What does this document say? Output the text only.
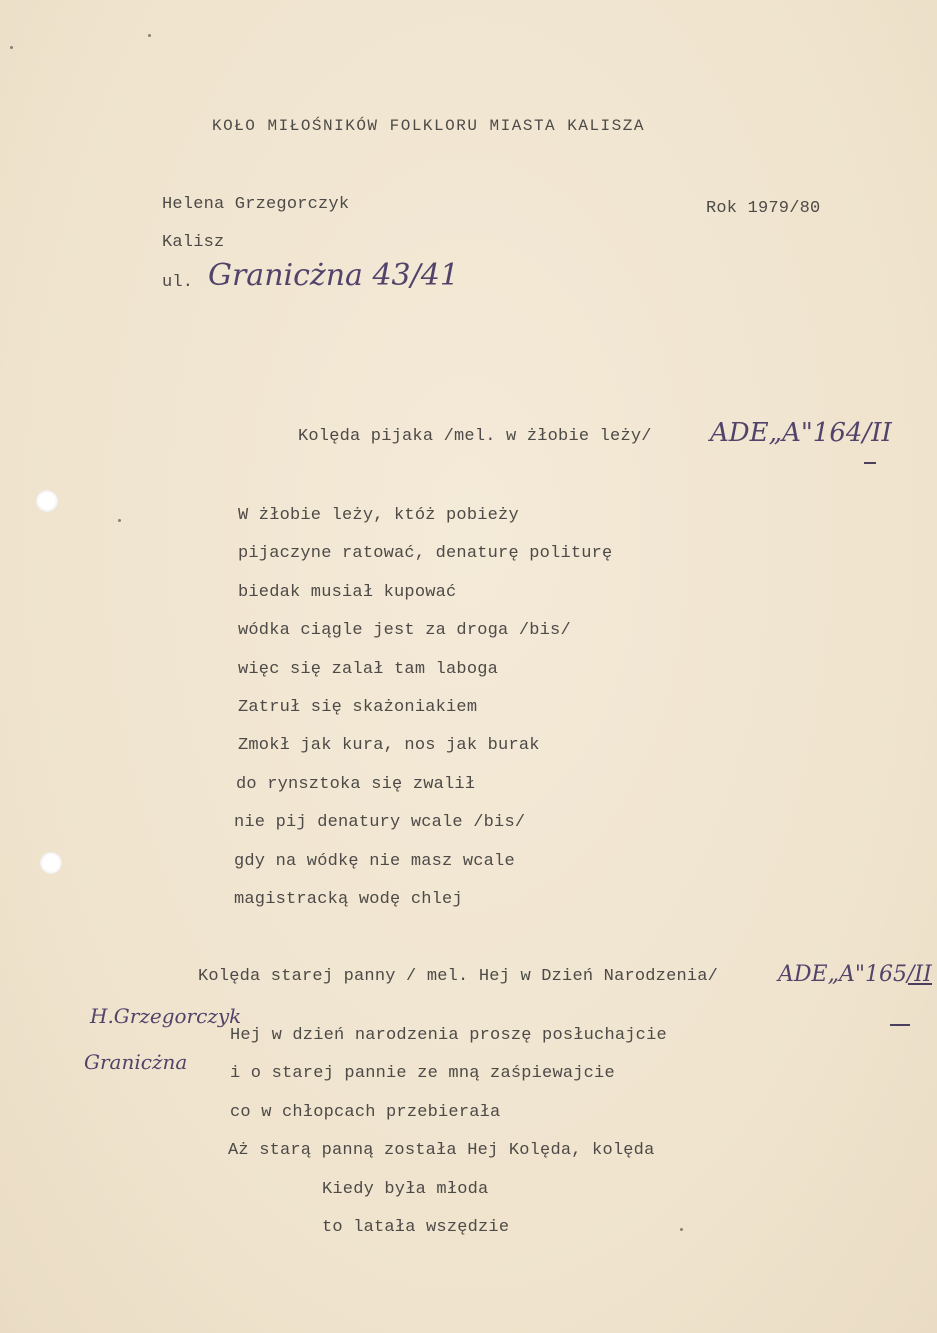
KOŁO MIŁOŚNIKÓW FOLKLORU MIASTA KALISZA
Helena Grzegorczyk	Rok 1979/80
Kalisz
ul. Granicżna 43/41
Kolęda pijaka /mel. w żłobie leży/ ADE„A"164/II
W żłobie leży, któż pobieży
pijaczyne ratować, denaturę politurę
biedak musiał kupować
wódka ciągle jest za droga /bis/
więc się zalał tam laboga
Zatruł się skażoniakiem
Zmokł jak kura, nos jak burak
do rynsztoka się zwalił
nie pij denatury wcale /bis/
gdy na wódkę nie masz wcale
magistracką wodę chlej
Kolęda starej panny / mel. Hej w Dzień Narodzenia/	ADE„A"165/II
H.Grzegorczyk
Granicżna
Hej w dzień narodzenia proszę posłuchajcie
i o starej pannie ze mną zaśpiewajcie
co w chłopcach przebierała
Aż starą panną została Hej Kolęda, kolęda
Kiedy była młoda
to latała wszędzie
